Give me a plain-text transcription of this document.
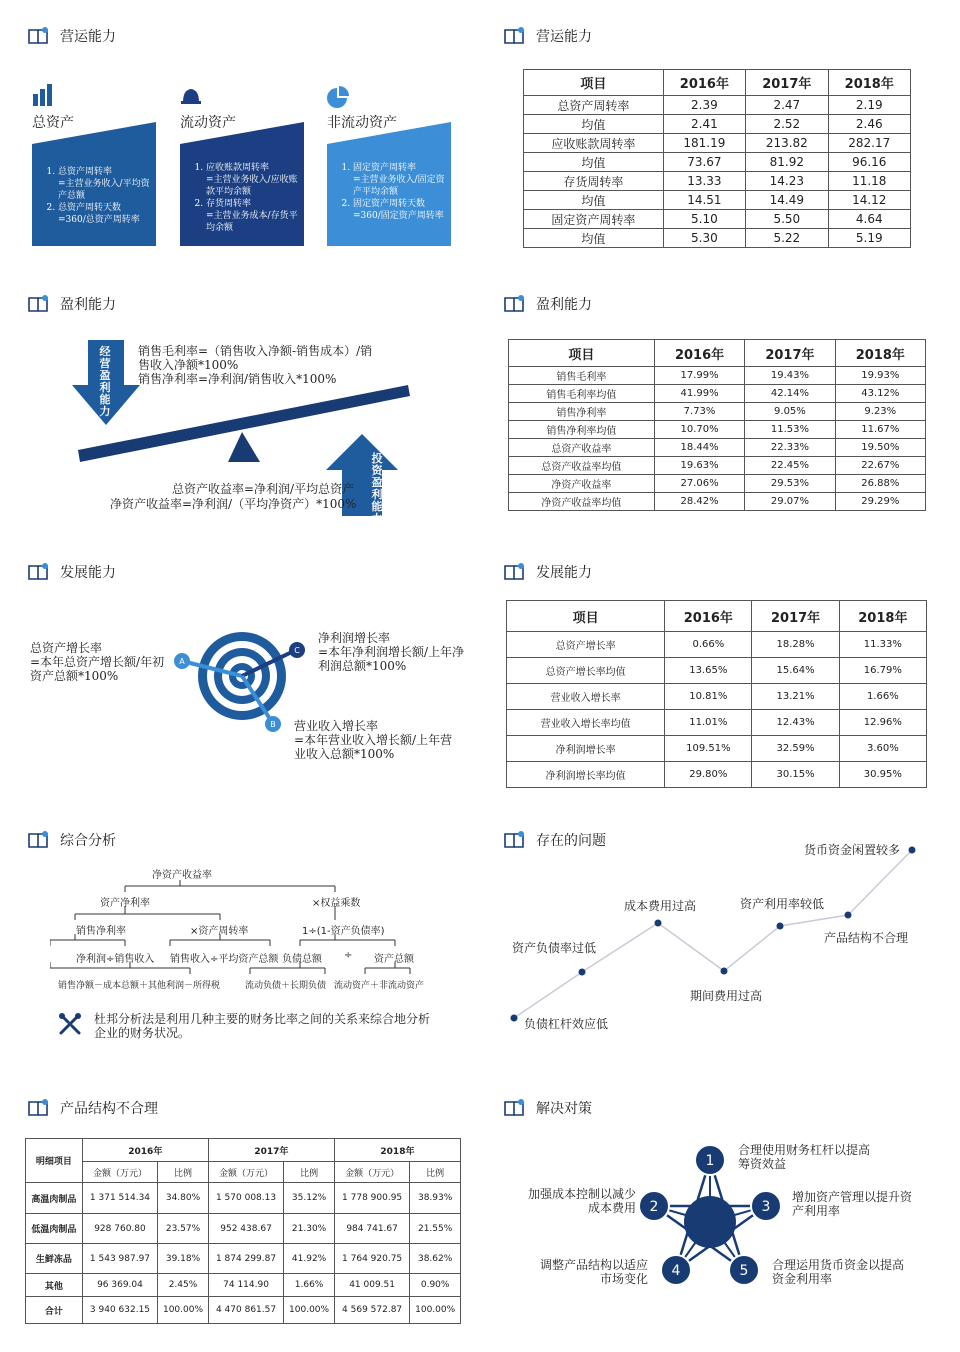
营运能力	营运能力
总资产	流动资产	非流动资产
1. 总资产周转率
=主营业务收入/平均资产总额
2. 总资产周转天数
=360/总资产周转率
1. 应收账款周转率
=主营业务收入/应收账款平均余额
2. 存货周转率
=主营业务成本/存货平均余额
1. 固定资产周转率
=主营业务收入/固定资产平均余额
2. 固定资产周转天数
=360/固定资产周转率
项目	2016年	2017年	2018年
总资产周转率	2.39	2.47	2.19
均值	2.41	2.52	2.46
应收账款周转率	181.19	213.82	282.17
均值	73.67	81.92	96.16
存货周转率	13.33	14.23	11.18
均值	14.51	14.49	14.12
固定资产周转率	5.10	5.50	4.64
均值	5.30	5.22	5.19
盈利能力	盈利能力
经营盈利能力
投资盈利能力
销售毛利率=（销售收入净额-销售成本）/销售收入净额*100%
销售净利率=净利润/销售收入*100%
总资产收益率=净利润/平均总资产
净资产收益率=净利润/（平均净资产）*100%
项目	2016年	2017年	2018年
销售毛利率	17.99%	19.43%	19.93%
销售毛利率均值	41.99%	42.14%	43.12%
销售净利率	7.73%	9.05%	9.23%
销售净利率均值	10.70%	11.53%	11.67%
总资产收益率	18.44%	22.33%	19.50%
总资产收益率均值	19.63%	22.45%	22.67%
净资产收益率	27.06%	29.53%	26.88%
净资产收益率均值	28.42%	29.07%	29.29%
发展能力	发展能力
A
C
B
总资产增长率
=本年总资产增长额/年初资产总额*100%
净利润增长率
=本年净利润增长额/上年净利润总额*100%
营业收入增长率
=本年营业收入增长额/上年营业收入总额*100%
项目	2016年	2017年	2018年
总资产增长率	0.66%	18.28%	11.33%
总资产增长率均值	13.65%	15.64%	16.79%
营业收入增长率	10.81%	13.21%	1.66%
营业收入增长率均值	11.01%	12.43%	12.96%
净利润增长率	109.51%	32.59%	3.60%
净利润增长率均值	29.80%	30.15%	30.95%
综合分析	存在的问题
净资产收益率
资产净利率	×权益乘数
销售净利率	×资产周转率	1÷(1-资产负债率)
净利润÷销售收入 销售收入÷平均资产总额 负债总额 ÷ 资产总额
销售净额－成本总额＋其他利润－所得税	流动负债＋长期负债 流动资产＋非流动资产
杜邦分析法是利用几种主要的财务比率之间的关系来综合地分析企业的财务状况。
负债杠杆效应低
资产负债率过低
成本费用过高
期间费用过高
资产利用率较低
产品结构不合理
货币资金闲置较多
产品结构不合理	解决对策
明细项目	2016年		2017年		2018年	
	金额（万元）	比例	金额（万元）	比例	金额（万元）	比例
高温肉制品	1 371 514.34	34.80%	1 570 008.13	35.12%	1 778 900.95	38.93%
低温肉制品	928 760.80	23.57%	952 438.67	21.30%	984 741.67	21.55%
生鲜冻品	1 543 987.97	39.18%	1 874 299.87	41.92%	1 764 920.75	38.62%
其他	96 369.04	2.45%	74 114.90	1.66%	41 009.51	0.90%
合计	3 940 632.15	100.00%	4 470 861.57	100.00%	4 569 572.87	100.00%
1
2	3
4	5
合理使用财务杠杆以提高筹资效益
加强成本控制以减少成本费用
增加资产管理以提升资产利用率
调整产品结构以适应市场变化
合理运用货币资金以提高资金利用率
